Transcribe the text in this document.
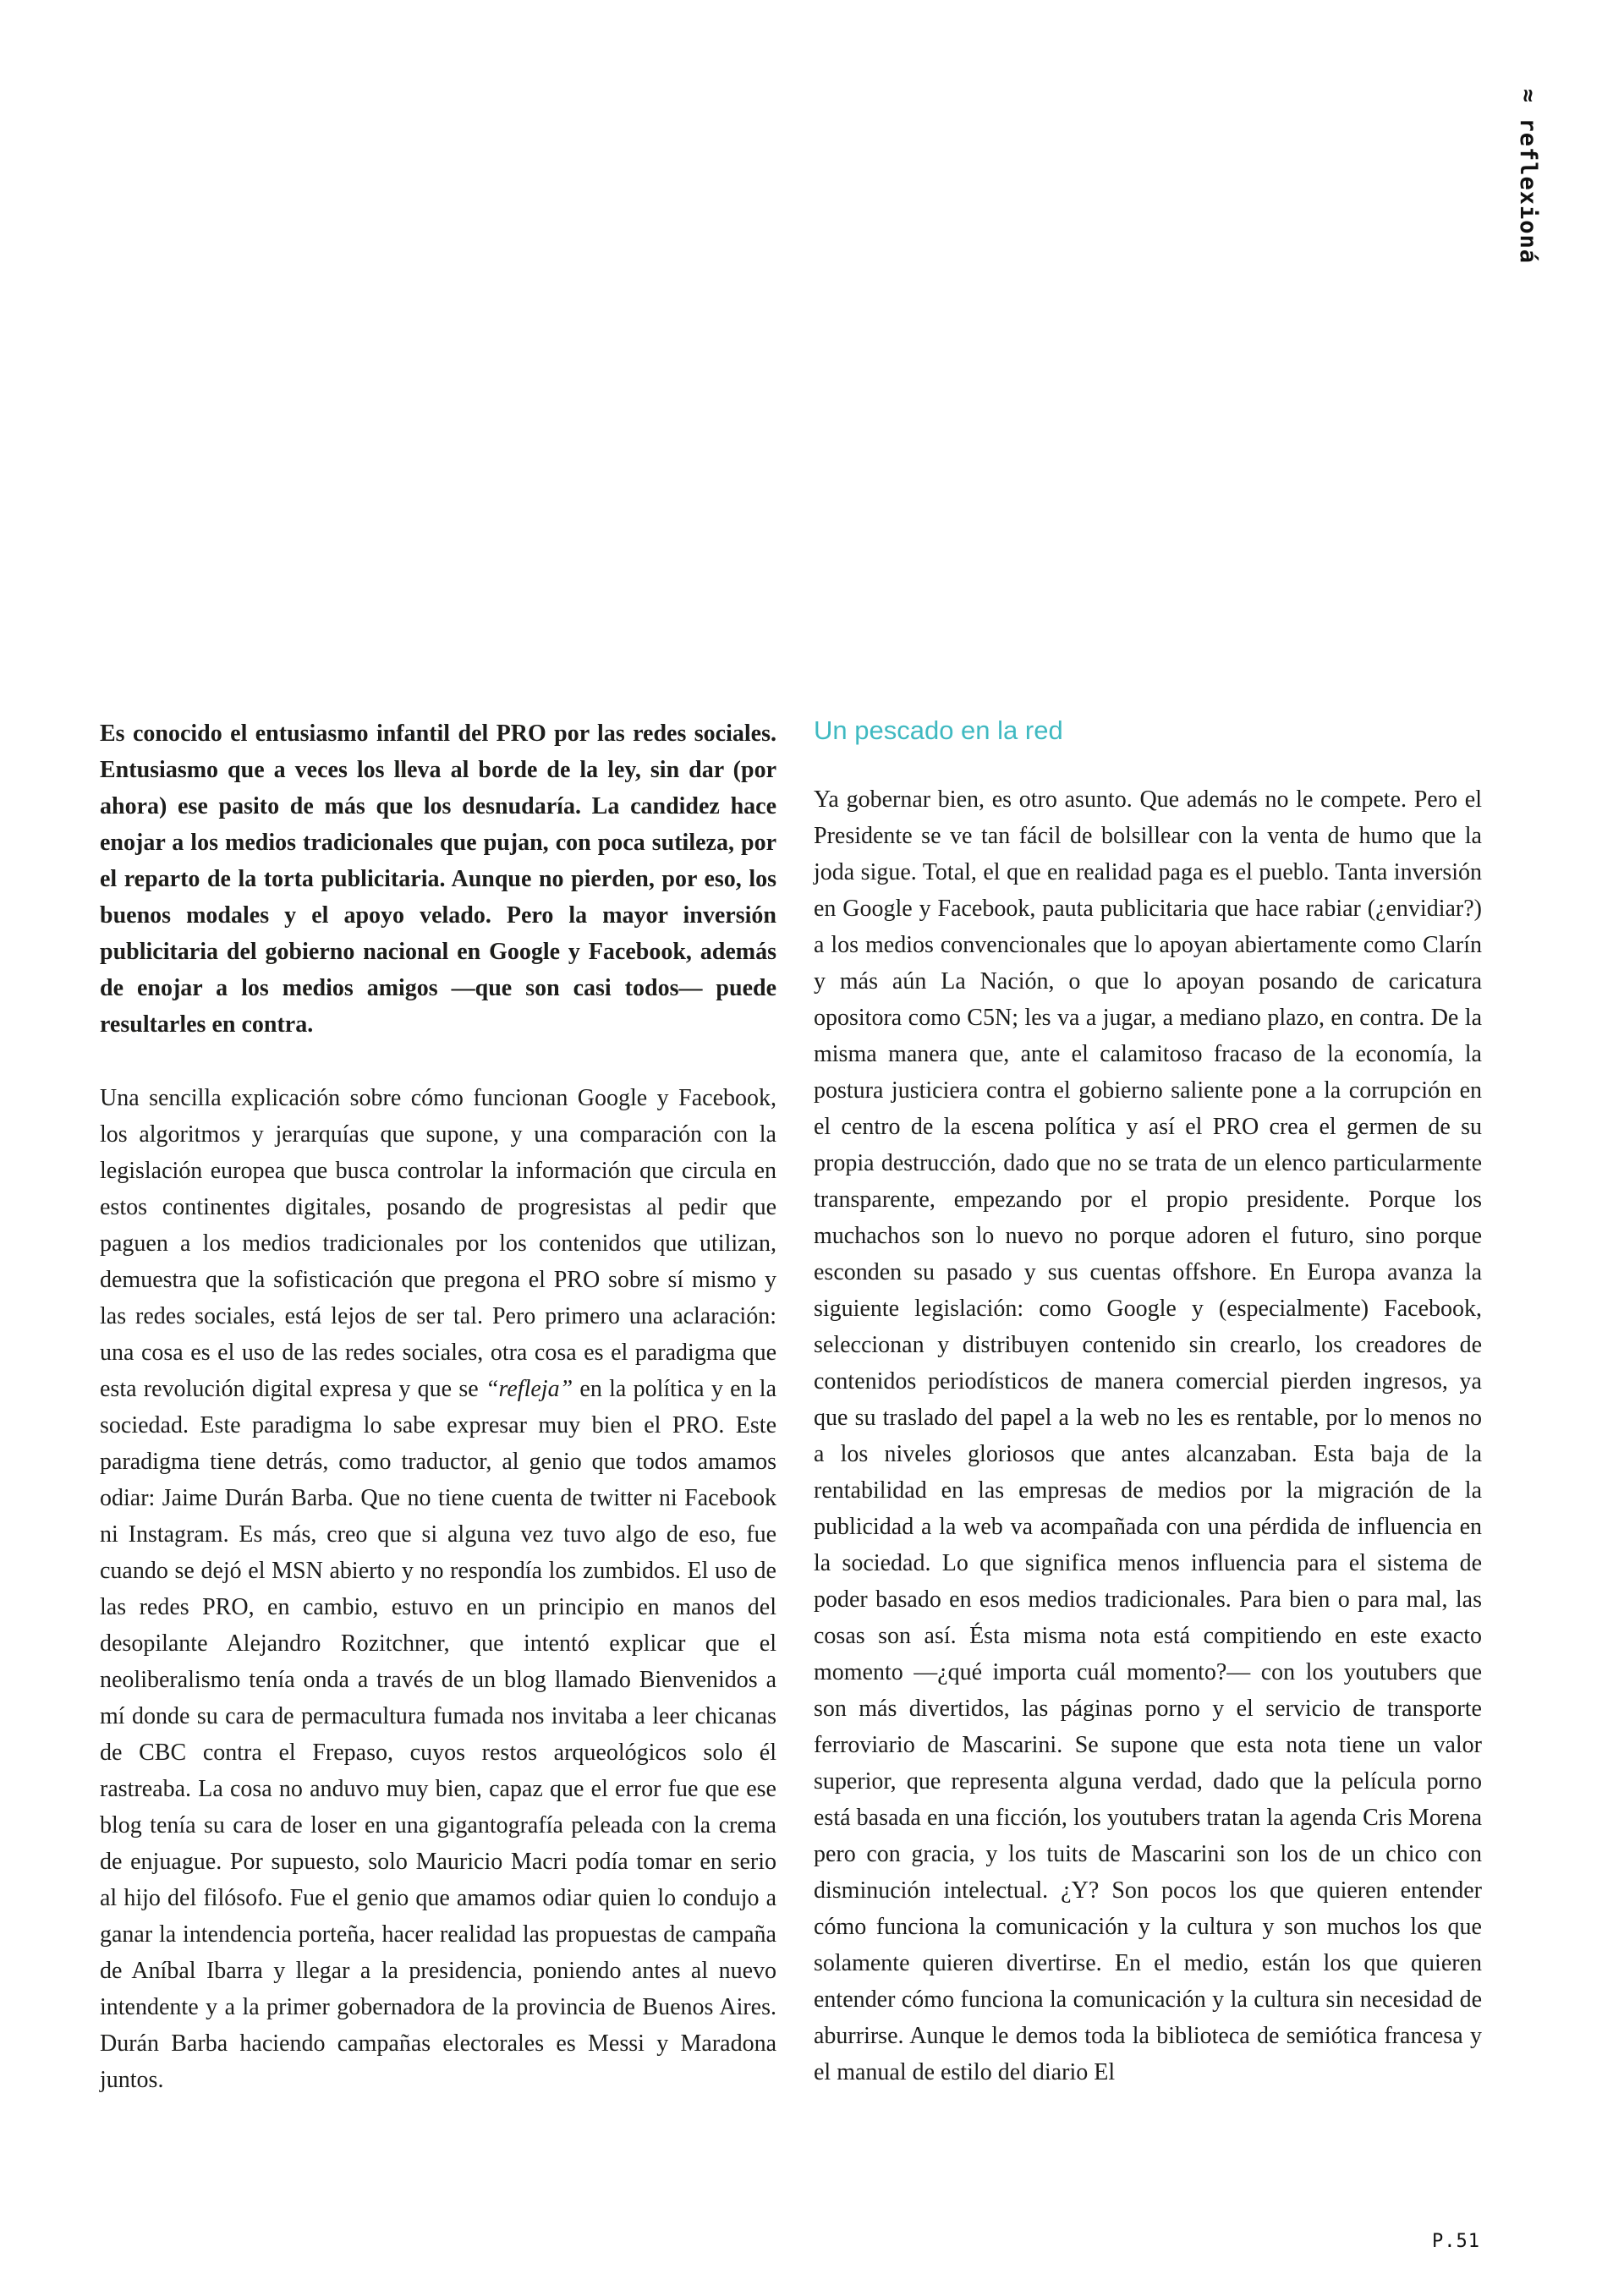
≈ reflexioná

Es conocido el entusiasmo infantil del PRO por las redes sociales. Entusiasmo que a veces los lleva al borde de la ley, sin dar (por ahora) ese pasito de más que los desnudaría. La candidez hace enojar a los medios tradicionales que pujan, con poca sutileza, por el reparto de la torta publicitaria. Aunque no pierden, por eso, los buenos modales y el apoyo velado. Pero la mayor inversión publicitaria del gobierno nacional en Google y Facebook, además de enojar a los medios amigos —que son casi todos— puede resultarles en contra.

Una sencilla explicación sobre cómo funcionan Google y Facebook, los algoritmos y jerarquías que supone, y una comparación con la legislación europea que busca controlar la información que circula en estos continentes digitales, posando de progresistas al pedir que paguen a los medios tradicionales por los contenidos que utilizan, demuestra que la sofisticación que pregona el PRO sobre sí mismo y las redes sociales, está lejos de ser tal. Pero primero una aclaración: una cosa es el uso de las redes sociales, otra cosa es el paradigma que esta revolución digital expresa y que se “refleja” en la política y en la sociedad. Este paradigma lo sabe expresar muy bien el PRO. Este paradigma tiene detrás, como traductor, al genio que todos amamos odiar: Jaime Durán Barba. Que no tiene cuenta de twitter ni Facebook ni Instagram. Es más, creo que si alguna vez tuvo algo de eso, fue cuando se dejó el MSN abierto y no respondía los zumbidos. El uso de las redes PRO, en cambio, estuvo en un principio en manos del desopilante Alejandro Rozitchner, que intentó explicar que el neoliberalismo tenía onda a través de un blog llamado Bienvenidos a mí donde su cara de permacultura fumada nos invitaba a leer chicanas de CBC contra el Frepaso, cuyos restos arqueológicos solo él rastreaba. La cosa no anduvo muy bien, capaz que el error fue que ese blog tenía su cara de loser en una gigantografía peleada con la crema de enjuague. Por supuesto, solo Mauricio Macri podía tomar en serio al hijo del filósofo. Fue el genio que amamos odiar quien lo condujo a ganar la intendencia porteña, hacer realidad las propuestas de campaña de Aníbal Ibarra y llegar a la presidencia, poniendo antes al nuevo intendente y a la primer gobernadora de la provincia de Buenos Aires. Durán Barba haciendo campañas electorales es Messi y Maradona juntos.

Un pescado en la red

Ya gobernar bien, es otro asunto. Que además no le compete. Pero el Presidente se ve tan fácil de bolsillear con la venta de humo que la joda sigue. Total, el que en realidad paga es el pueblo. Tanta inversión en Google y Facebook, pauta publicitaria que hace rabiar (¿envidiar?) a los medios convencionales que lo apoyan abiertamente como Clarín y más aún La Nación, o que lo apoyan posando de caricatura opositora como C5N; les va a jugar, a mediano plazo, en contra. De la misma manera que, ante el calamitoso fracaso de la economía, la postura justiciera contra el gobierno saliente pone a la corrupción en el centro de la escena política y así el PRO crea el germen de su propia destrucción, dado que no se trata de un elenco particularmente transparente, empezando por el propio presidente. Porque los muchachos son lo nuevo no porque adoren el futuro, sino porque esconden su pasado y sus cuentas offshore. En Europa avanza la siguiente legislación: como Google y (especialmente) Facebook, seleccionan y distribuyen contenido sin crearlo, los creadores de contenidos periodísticos de manera comercial pierden ingresos, ya que su traslado del papel a la web no les es rentable, por lo menos no a los niveles gloriosos que antes alcanzaban. Esta baja de la rentabilidad en las empresas de medios por la migración de la publicidad a la web va acompañada con una pérdida de influencia en la sociedad. Lo que significa menos influencia para el sistema de poder basado en esos medios tradicionales. Para bien o para mal, las cosas son así. Ésta misma nota está compitiendo en este exacto momento —¿qué importa cuál momento?— con los youtubers que son más divertidos, las páginas porno y el servicio de transporte ferroviario de Mascarini. Se supone que esta nota tiene un valor superior, que representa alguna verdad, dado que la película porno está basada en una ficción, los youtubers tratan la agenda Cris Morena pero con gracia, y los tuits de Mascarini son los de un chico con disminución intelectual. ¿Y? Son pocos los que quieren entender cómo funciona la comunicación y la cultura y son muchos los que solamente quieren divertirse. En el medio, están los que quieren entender cómo funciona la comunicación y la cultura sin necesidad de aburrirse. Aunque le demos toda la biblioteca de semiótica francesa y el manual de estilo del diario El

P.51
